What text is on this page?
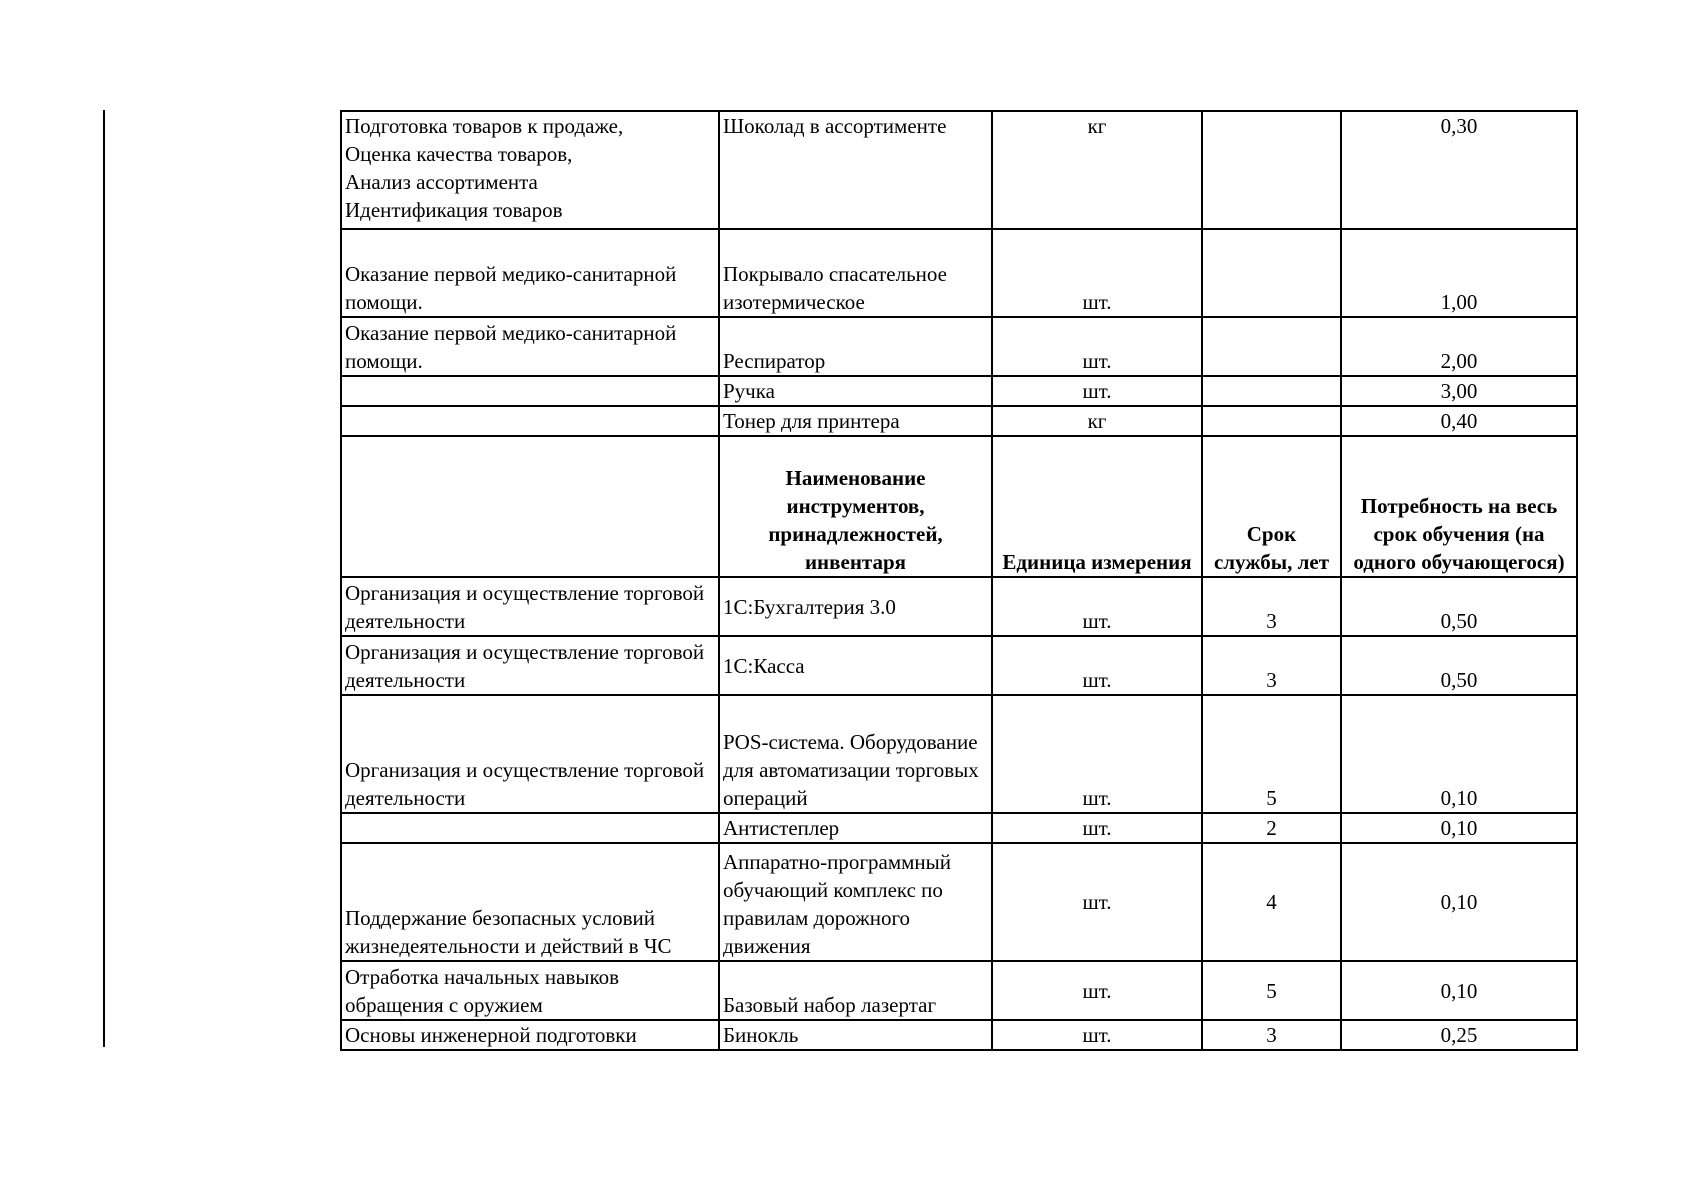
Подготовка товаров к продаже,
Оценка качества товаров,
Анализ ассортимента
Идентификация товаров	Шоколад в ассортименте	кг		0,30
Оказание первой медико-санитарной помощи.	Покрывало спасательное изотермическое	шт.		1,00
Оказание первой медико-санитарной помощи.	Респиратор	шт.		2,00
	Ручка	шт.		3,00
	Тонер для принтера	кг		0,40
	Наименование инструментов, принадлежностей, инвентаря	Единица измерения	Срок службы, лет	Потребность на весь срок обучения (на одного обучающегося)
Организация и осуществление торговой деятельности	1С:Бухгалтерия 3.0	шт.	3	0,50
Организация и осуществление торговой деятельности	1С:Касса	шт.	3	0,50
Организация и осуществление торговой деятельности	POS-система. Оборудование для автоматизации торговых операций	шт.	5	0,10
	Антистеплер	шт.	2	0,10
Поддержание безопасных условий жизнедеятельности и действий в ЧС	Аппаратно-программный обучающий комплекс по правилам дорожного движения	шт.	4	0,10
Отработка начальных навыков обращения с оружием	Базовый набор лазертаг	шт.	5	0,10
Основы инженерной подготовки	Бинокль	шт.	3	0,25
